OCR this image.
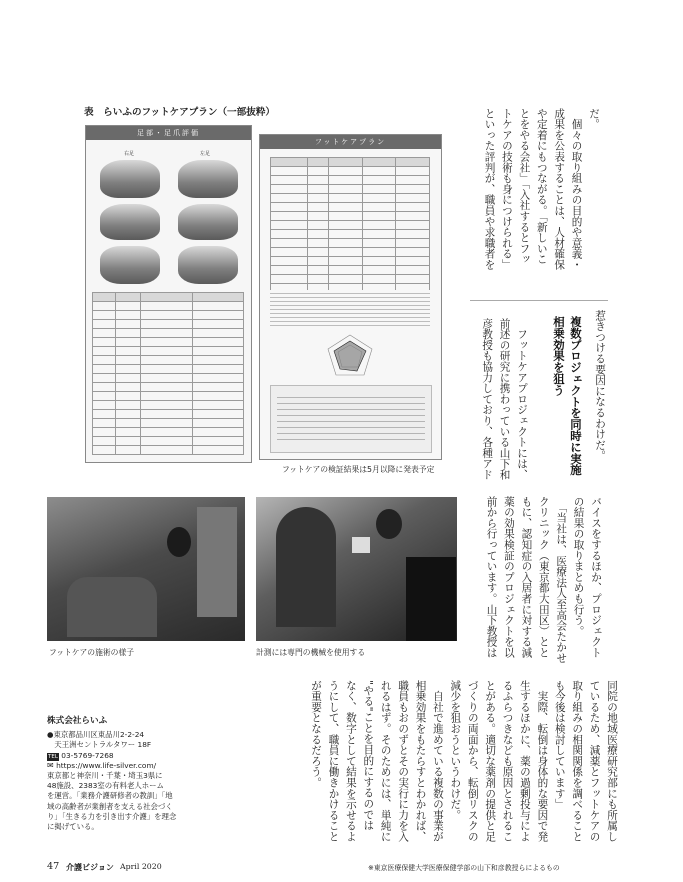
表　らいふのフットケアプラン（一部抜粋）
足部・足爪評価
右足	左足

フットケアプラン

フットケアの検証結果は5月以降に発表予定
だ。
　個々の取り組みの目的や意義・
成果を公表することは、人材確保
や定着にもつながる。「新しいこ
とをやる会社」「入社するとフッ
トケアの技術も身につけられる」
といった評判が、職員や求職者を
惹きつける要因になるわけだ。
複数プロジェクトを同時に実施
相乗効果を狙う
　フットケアプロジェクトには、
前述の研究に携わっている山下和
彦教授も協力しており、各種アド
バイスをするほか、プロジェクト
の結果の取りまとめも行う。
　「当社は、医療法人至高会たかせ
クリニック（東京都大田区）とと
もに、認知症の入居者に対する減
薬の効果検証のプロジェクトを以
前から行っています。山下教授は
フットケアの施術の様子	計測には専門の機械を使用する
同院の地域医療研究部にも所属し
ているため、減薬とフットケアの
取り組みの相関関係を調べること
も今後は検討しています」
　実際、転倒は身体的な要因で発
生するほかに、薬の過剰投与によ
るふらつきなども原因とされるこ
とがある。適切な薬剤の提供と足
づくりの両面から、転倒リスクの
減少を狙おうというわけだ。
　自社で進めている複数の事業が
相乗効果をもたらすとわかれば、
職員もおのずとその実行に力を入
れるはず。そのためには、単純に
"やる"ことを目的にするのでは
なく、数字として結果を示せるよ
うにして、職員に働きかけること
が重要となるだろう。
株式会社らいふ
●東京都品川区東品川2-2-24
　天王洲セントラルタワー 18F
TEL 03-5769-7268
✉ https://www.life-silver.com/
東京都と神奈川・千葉・埼玉3県に
48施設、2383室の有料老人ホーム
を運営。「業務介護研修者の教訓」「地
域の高齢者が業創者を支える社会づく
り」「生きる力を引き出す介護」を理念
に掲げている。
47 介護ビジョン April 2020	※東京医療保健大学医療保健学部の山下和彦教授らによるもの
